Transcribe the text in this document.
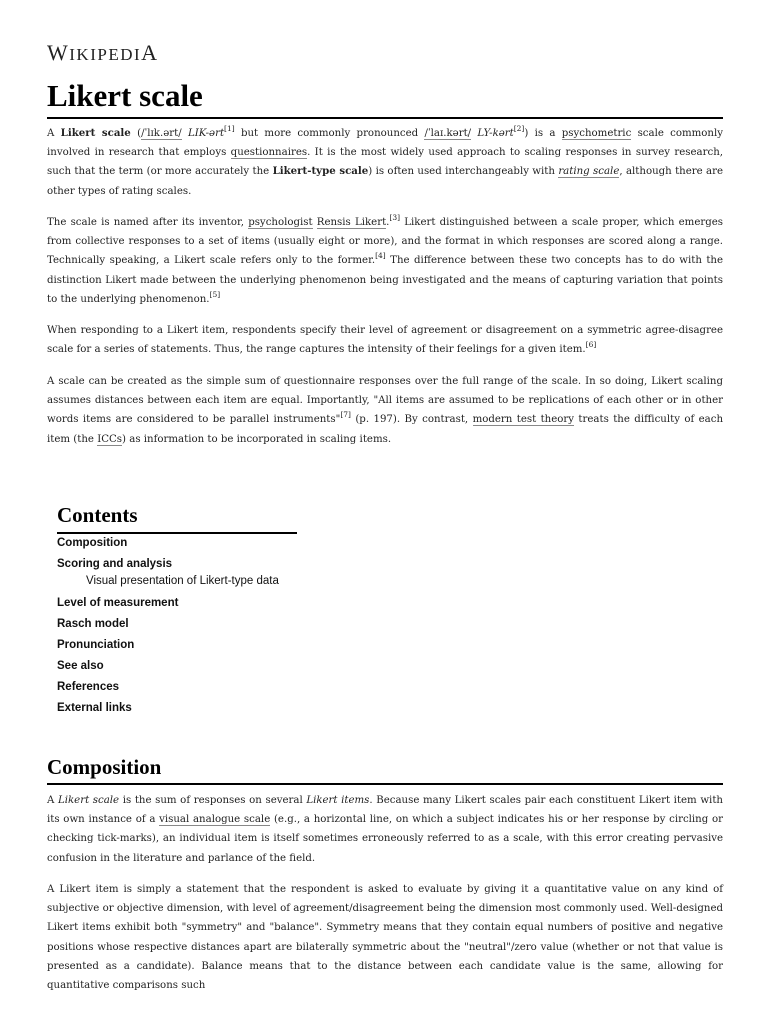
WIKIPEDIA
Likert scale

A Likert scale (/ˈlɪk.ərt/ LIK-ərt[1] but more commonly pronounced /ˈlaɪ.kərt/ LY-kərt[2]) is a psychometric scale commonly involved in research that employs questionnaires. It is the most widely used approach to scaling responses in survey research, such that the term (or more accurately the Likert-type scale) is often used interchangeably with rating scale, although there are other types of rating scales.

The scale is named after its inventor, psychologist Rensis Likert.[3] Likert distinguished between a scale proper, which emerges from collective responses to a set of items (usually eight or more), and the format in which responses are scored along a range. Technically speaking, a Likert scale refers only to the former.[4] The difference between these two concepts has to do with the distinction Likert made between the underlying phenomenon being investigated and the means of capturing variation that points to the underlying phenomenon.[5]

When responding to a Likert item, respondents specify their level of agreement or disagreement on a symmetric agree-disagree scale for a series of statements. Thus, the range captures the intensity of their feelings for a given item.[6]

A scale can be created as the simple sum of questionnaire responses over the full range of the scale. In so doing, Likert scaling assumes distances between each item are equal. Importantly, "All items are assumed to be replications of each other or in other words items are considered to be parallel instruments"[7] (p. 197). By contrast, modern test theory treats the difficulty of each item (the ICCs) as information to be incorporated in scaling items.

Contents
Composition
Scoring and analysis
Visual presentation of Likert-type data
Level of measurement
Rasch model
Pronunciation
See also
References
External links
Composition

A Likert scale is the sum of responses on several Likert items. Because many Likert scales pair each constituent Likert item with its own instance of a visual analogue scale (e.g., a horizontal line, on which a subject indicates his or her response by circling or checking tick-marks), an individual item is itself sometimes erroneously referred to as a scale, with this error creating pervasive confusion in the literature and parlance of the field.

A Likert item is simply a statement that the respondent is asked to evaluate by giving it a quantitative value on any kind of subjective or objective dimension, with level of agreement/disagreement being the dimension most commonly used. Well-designed Likert items exhibit both "symmetry" and "balance". Symmetry means that they contain equal numbers of positive and negative positions whose respective distances apart are bilaterally symmetric about the "neutral"/zero value (whether or not that value is presented as a candidate). Balance means that to the distance between each candidate value is the same, allowing for quantitative comparisons such
